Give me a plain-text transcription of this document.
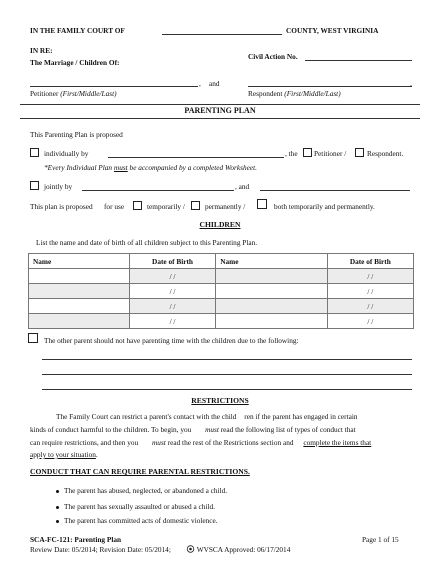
IN THE FAMILY COURT OF	COUNTY, WEST VIRGINIA
IN RE:
The Marriage / Children Of:
Civil Action No.
, and	,
Petitioner (First/Middle/Last)	Respondent (First/Middle/Last)
PARENTING PLAN
This Parenting Plan is proposed
individually by	, the Petitioner /	Respondent.
*Every Individual Plan must be accompanied by a completed Worksheet.
jointly by	, and
This plan is proposed for use	temporarily /	permanently /	both temporarily and permanently.
CHILDREN
List the name and date of birth of all children subject to this Parenting Plan.
Name	Date of Birth	Name	Date of Birth
	/ /		/ /
	/ /		/ /
	/ /		/ /
	/ /		/ /
The other parent should not have parenting time with the children due to the following:
RESTRICTIONS
The Family Court can restrict a parent's contact with the child ren if the parent has engaged in certain
kinds of conduct harmful to the children. To begin, you must read the following list of types of conduct that
can require restrictions, and then you must read the rest of the Restrictions section and complete the items that
apply to your situation.
CONDUCT THAT CAN REQUIRE PARENTAL RESTRICTIONS.
The parent has abused, neglected, or abandoned a child.
The parent has sexually assaulted or abused a child.
The parent has committed acts of domestic violence.
SCA-FC-121: Parenting Plan	Page 1 of 15
Review Date: 05/2014; Revision Date: 05/2014;	WVSCA Approved: 06/17/2014
